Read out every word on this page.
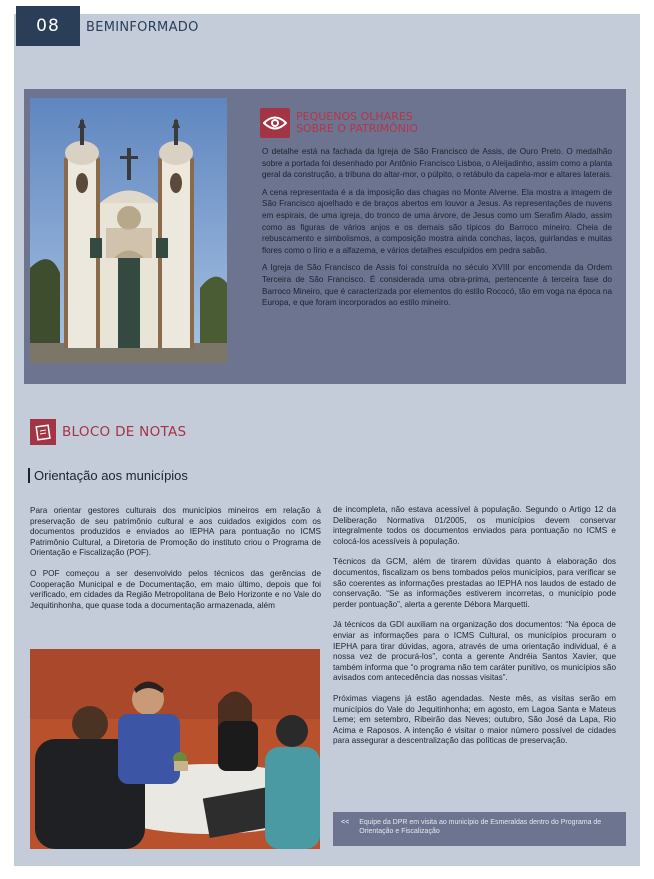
08	BEMINFORMADO
PEQUENOS OLHARES
SOBRE O PATRIMÔNIO

O detalhe está na fachada da Igreja de São Francisco de Assis, de Ouro Preto. O medalhão sobre a portada foi desenhado por Antônio Francisco Lisboa, o Aleijadinho, assim como a planta geral da construção, a tribuna do altar-mor, o púlpito, o retábulo da capela-mor e altares laterais.

A cena representada é a da imposição das chagas no Monte Alverne. Ela mostra a imagem de São Francisco ajoelhado e de braços abertos em louvor a Jesus. As representações de nuvens em espirais, de uma igreja, do tronco de uma árvore, de Jesus como um Serafim Alado, assim como as figuras de vários anjos e os demais são típicos do Barroco mineiro. Cheia de rebuscamento e simbolismos, a composição mostra ainda conchas, laços, guirlandas e muitas flores como o lírio e a alfazema, e vários detalhes esculpidos em pedra sabão.

A Igreja de São Francisco de Assis foi construída no século XVIII por encomenda da Ordem Terceira de São Francisco. É considerada uma obra-prima, pertencente à terceira fase do Barroco Mineiro, que é caracterizada por elementos do estilo Rococó, tão em voga na época na Europa, e que foram incorporados ao estilo mineiro.

BLOCO DE NOTAS
Orientação aos municípios

Para orientar gestores culturais dos municípios mineiros em relação à preservação de seu patrimônio cultural e aos cuidados exigidos com os documentos produzidos e enviados ao IEPHA para pontuação no ICMS Patrimônio Cultural, a Diretoria de Promoção do instituto criou o Programa de Orientação e Fiscalização (POF).

O POF começou a ser desenvolvido pelos técnicos das gerências de Cooperação Municipal e de Documentação, em maio último, depois que foi verificado, em cidades da Região Metropolitana de Belo Horizonte e no Vale do Jequitinhonha, que quase toda a documentação armazenada, além

de incompleta, não estava acessível à população. Segundo o Artigo 12 da Deliberação Normativa 01/2005, os municípios devem conservar integralmente todos os documentos enviados para pontuação no ICMS e colocá-los acessíveis à população.

Técnicos da GCM, além de tirarem dúvidas quanto à elaboração dos documentos, fiscalizam os bens tombados pelos municípios, para verificar se são coerentes as informações prestadas ao IEPHA nos laudos de estado de conservação. “Se as informações estiverem incorretas, o município pode perder pontuação”, alerta a gerente Débora Marquetti.

Já técnicos da GDI auxiliam na organização dos documentos: “Na época de enviar as informações para o ICMS Cultural, os municípios procuram o IEPHA para tirar dúvidas, agora, através de uma orientação individual, é a nossa vez de procurá-los”, conta a gerente Andréia Santos Xavier, que também informa que “o programa não tem caráter punitivo, os municípios são avisados com antecedência das nossas visitas”.

Próximas viagens já estão agendadas. Neste mês, as visitas serão em municípios do Vale do Jequitinhonha; em agosto, em Lagoa Santa e Mateus Leme; em setembro, Ribeirão das Neves; outubro, São José da Lapa, Rio Acima e Raposos. A intenção é visitar o maior número possível de cidades para assegurar a descentralização das políticas de preservação.

<< Equipe da DPR em visita ao município de Esmeraldas dentro do Programa de Orientação e Fiscalização
